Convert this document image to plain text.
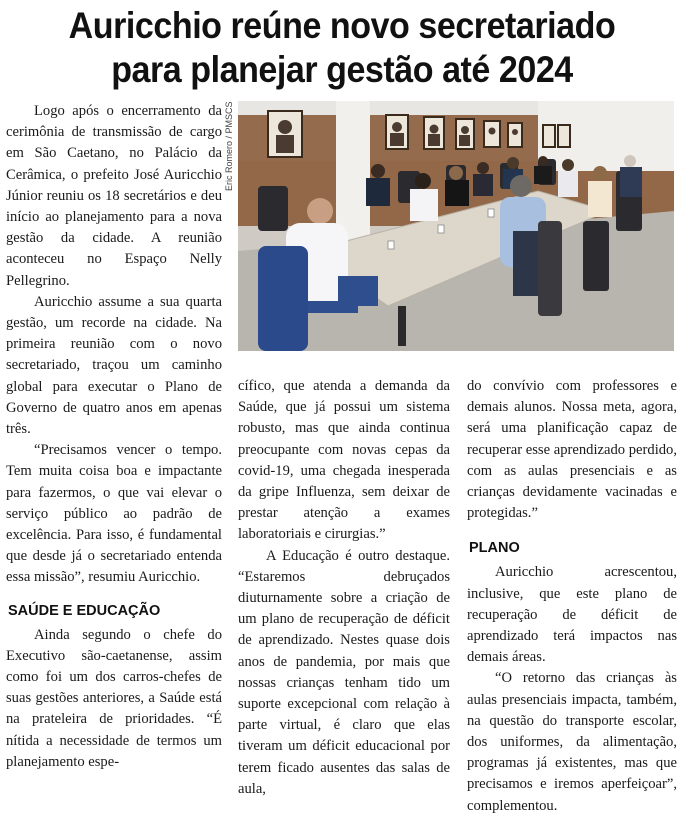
Auricchio reúne novo secretariado
para planejar gestão até 2024
Eric Romero / PMSCS

Logo após o encerramento da cerimônia de transmissão de cargo em São Caetano, no Palácio da Cerâmica, o prefeito José Auricchio Júnior reuniu os 18 secretários e deu início ao planejamento para a nova gestão da cidade. A reunião aconteceu no Espaço Nelly Pellegrino.

Auricchio assume a sua quarta gestão, um recorde na cidade. Na primeira reunião com o novo secretariado, traçou um caminho global para executar o Plano de Governo de quatro anos em apenas três.

“Precisamos vencer o tempo. Tem muita coisa boa e impactante para fazermos, o que vai elevar o serviço público ao padrão de excelência. Para isso, é fundamental que desde já o secretariado entenda essa missão”, resumiu Auricchio.

SAÚDE E EDUCAÇÃO

Ainda segundo o chefe do Executivo são-caetanense, assim como foi um dos carros-chefes de suas gestões anteriores, a Saúde está na prateleira de prioridades. “É nítida a necessidade de termos um planejamento espe-

cífico, que atenda a demanda da Saúde, que já possui um sistema robusto, mas que ainda continua preocupante com novas cepas da covid-19, uma chegada inesperada da gripe Influenza, sem deixar de prestar atenção a exames laboratoriais e cirurgias.”

A Educação é outro destaque. “Estaremos debruçados diuturnamente sobre a criação de um plano de recuperação de déficit de aprendizado. Nestes quase dois anos de pandemia, por mais que nossas crianças tenham tido um suporte excepcional com relação à parte virtual, é claro que elas tiveram um déficit educacional por terem ficado ausentes das salas de aula,

do convívio com professores e demais alunos. Nossa meta, agora, será uma planificação capaz de recuperar esse aprendizado perdido, com as aulas presenciais e as crianças devidamente vacinadas e protegidas.”

PLANO

Auricchio acrescentou, inclusive, que este plano de recuperação de déficit de aprendizado terá impactos nas demais áreas.

“O retorno das crianças às aulas presenciais impacta, também, na questão do transporte escolar, dos uniformes, da alimentação, programas já existentes, mas que precisamos e iremos aperfeiçoar”, complementou.
